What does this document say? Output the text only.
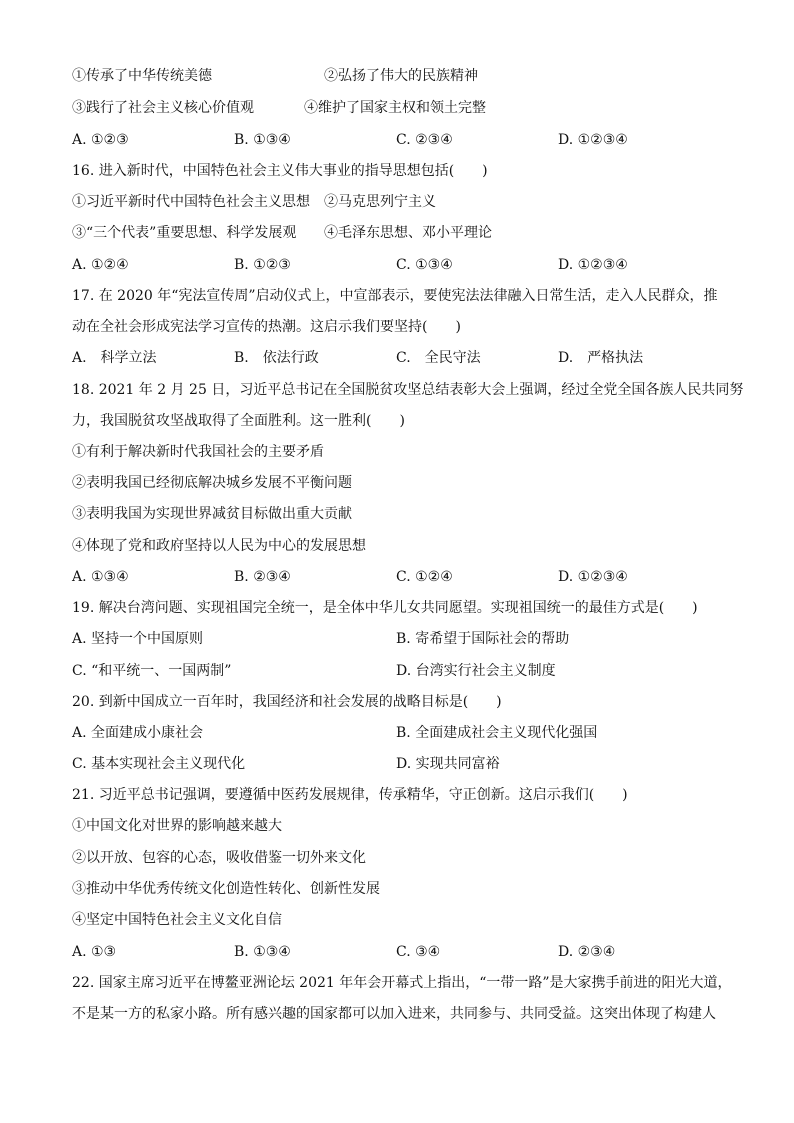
①传承了中华传统美德	②弘扬了伟大的民族精神
③践行了社会主义核心价值观	④维护了国家主权和领土完整
A. ①②③	B. ①③④	C. ②③④	D. ①②③④
16. 进入新时代，中国特色社会主义伟大事业的指导思想包括(　　)
①习近平新时代中国特色社会主义思想 ②马克思列宁主义
③“三个代表”重要思想、科学发展观 ④毛泽东思想、邓小平理论
A. ①②④	B. ①②③	C. ①③④	D. ①②③④
17. 在 2020 年“宪法宣传周”启动仪式上，中宣部表示，要使宪法法律融入日常生活，走入人民群众，推
动在全社会形成宪法学习宣传的热潮。这启示我们要坚持(　　)
A.　科学立法	B.　依法行政	C.　全民守法	D.　严格执法
18. 2021 年 2 月 25 日，习近平总书记在全国脱贫攻坚总结表彰大会上强调，经过全党全国各族人民共同努
力，我国脱贫攻坚战取得了全面胜利。这一胜利(　　)
①有利于解决新时代我国社会的主要矛盾
②表明我国已经彻底解决城乡发展不平衡问题
③表明我国为实现世界减贫目标做出重大贡献
④体现了党和政府坚持以人民为中心的发展思想
A. ①③④	B. ②③④	C. ①②④	D. ①②③④
19. 解决台湾问题、实现祖国完全统一，是全体中华儿女共同愿望。实现祖国统一的最佳方式是(　　)
A. 坚持一个中国原则	B. 寄希望于国际社会的帮助
C. “和平统一、一国两制”	D. 台湾实行社会主义制度
20. 到新中国成立一百年时，我国经济和社会发展的战略目标是(　　)
A. 全面建成小康社会	B. 全面建成社会主义现代化强国
C. 基本实现社会主义现代化	D. 实现共同富裕
21. 习近平总书记强调，要遵循中医药发展规律，传承精华，守正创新。这启示我们(　　)
①中国文化对世界的影响越来越大
②以开放、包容的心态，吸收借鉴一切外来文化
③推动中华优秀传统文化创造性转化、创新性发展
④坚定中国特色社会主义文化自信
A. ①③	B. ①③④	C. ③④	D. ②③④
22. 国家主席习近平在博鳌亚洲论坛 2021 年年会开幕式上指出，“一带一路”是大家携手前进的阳光大道，
不是某一方的私家小路。所有感兴趣的国家都可以加入进来，共同参与、共同受益。这突出体现了构建人
